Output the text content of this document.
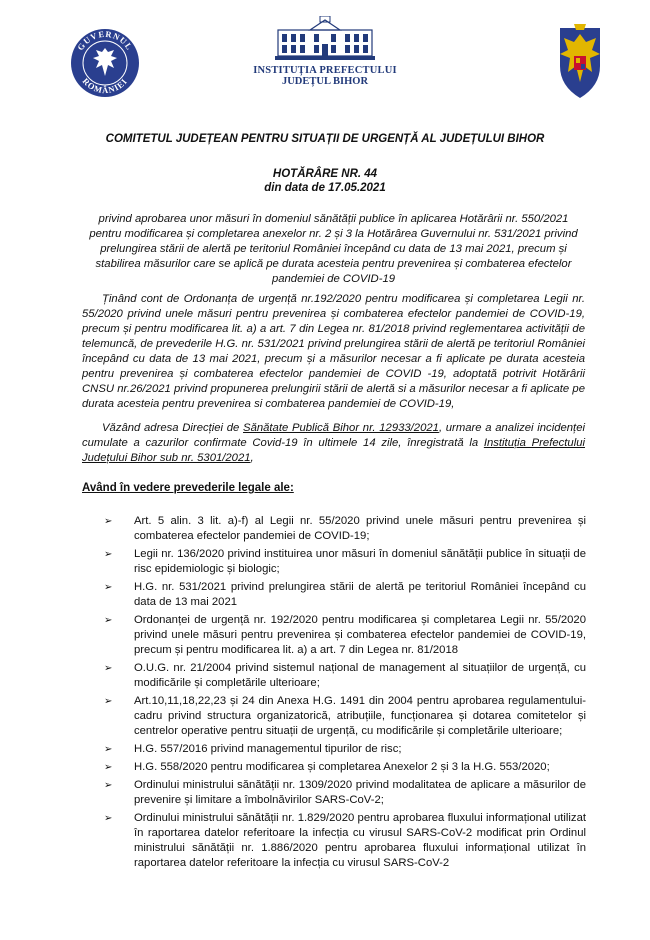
GUVERNUL
ROMÂNIEI
INSTITUȚIA PREFECTULUI
JUDEȚUL BIHOR
COMITETUL JUDEȚEAN PENTRU SITUAȚII DE URGENȚĂ AL JUDEȚULUI BIHOR
HOTĂRÂRE NR. 44
din data de 17.05.2021
privind aprobarea unor măsuri în domeniul sănătății publice în aplicarea Hotărârii nr. 550/2021 pentru modificarea și completarea anexelor nr. 2 și 3 la Hotărârea Guvernului nr. 531/2021 privind prelungirea stării de alertă pe teritoriul României începând cu data de 13 mai 2021, precum și stabilirea măsurilor care se aplică pe durata acesteia pentru prevenirea și combaterea efectelor pandemiei de COVID-19
Ținând cont de Ordonanța de urgență nr.192/2020 pentru modificarea și completarea Legii nr. 55/2020 privind unele măsuri pentru prevenirea și combaterea efectelor pandemiei de COVID-19, precum și pentru modificarea lit. a) a art. 7 din Legea nr. 81/2018 privind reglementarea activității de telemuncă, de prevederile H.G. nr. 531/2021 privind prelungirea stării de alertă pe teritoriul României începând cu data de 13 mai 2021, precum și a măsurilor necesar a fi aplicate pe durata acesteia pentru prevenirea și combaterea efectelor pandemiei de COVID -19, adoptată potrivit Hotărârii CNSU nr.26/2021 privind propunerea prelungirii stării de alertă si a măsurilor necesar a fi aplicate pe durata acesteia pentru prevenirea si combaterea pandemiei de COVID-19,
Văzând adresa Direcției de Sănătate Publică Bihor nr. 12933/2021, urmare a analizei incidenței cumulate a cazurilor confirmate Covid-19 în ultimele 14 zile, înregistrată la Instituția Prefectului Județului Bihor sub nr. 5301/2021,
Având în vedere prevederile legale ale:
➢ Art. 5 alin. 3 lit. a)-f) al Legii nr. 55/2020 privind unele măsuri pentru prevenirea și combaterea efectelor pandemiei de COVID-19;
➢ Legii nr. 136/2020 privind instituirea unor măsuri în domeniul sănătății publice în situații de risc epidemiologic și biologic;
➢ H.G. nr. 531/2021 privind prelungirea stării de alertă pe teritoriul României începând cu data de 13 mai 2021
➢ Ordonanței de urgență nr. 192/2020 pentru modificarea și completarea Legii nr. 55/2020 privind unele măsuri pentru prevenirea și combaterea efectelor pandemiei de COVID-19, precum și pentru modificarea lit. a) a art. 7 din Legea nr. 81/2018
➢ O.U.G. nr. 21/2004 privind sistemul național de management al situațiilor de urgență, cu modificările și completările ulterioare;
➢ Art.10,11,18,22,23 și 24 din Anexa H.G. 1491 din 2004 pentru aprobarea regulamentului-cadru privind structura organizatorică, atribuțiile, funcționarea și dotarea comitetelor și centrelor operative pentru situații de urgență, cu modificările și completările ulterioare;
➢ H.G. 557/2016 privind managementul tipurilor de risc;
➢ H.G. 558/2020 pentru modificarea și completarea Anexelor 2 și 3 la H.G. 553/2020;
➢ Ordinului ministrului sănătății nr. 1309/2020 privind modalitatea de aplicare a măsurilor de prevenire și limitare a îmbolnăvirilor SARS-CoV-2;
➢ Ordinului ministrului sănătății nr. 1.829/2020 pentru aprobarea fluxului informațional utilizat în raportarea datelor referitoare la infecția cu virusul SARS-CoV-2 modificat prin Ordinul ministrului sănătății nr. 1.886/2020 pentru aprobarea fluxului informațional utilizat în raportarea datelor referitoare la infecția cu virusul SARS-CoV-2
